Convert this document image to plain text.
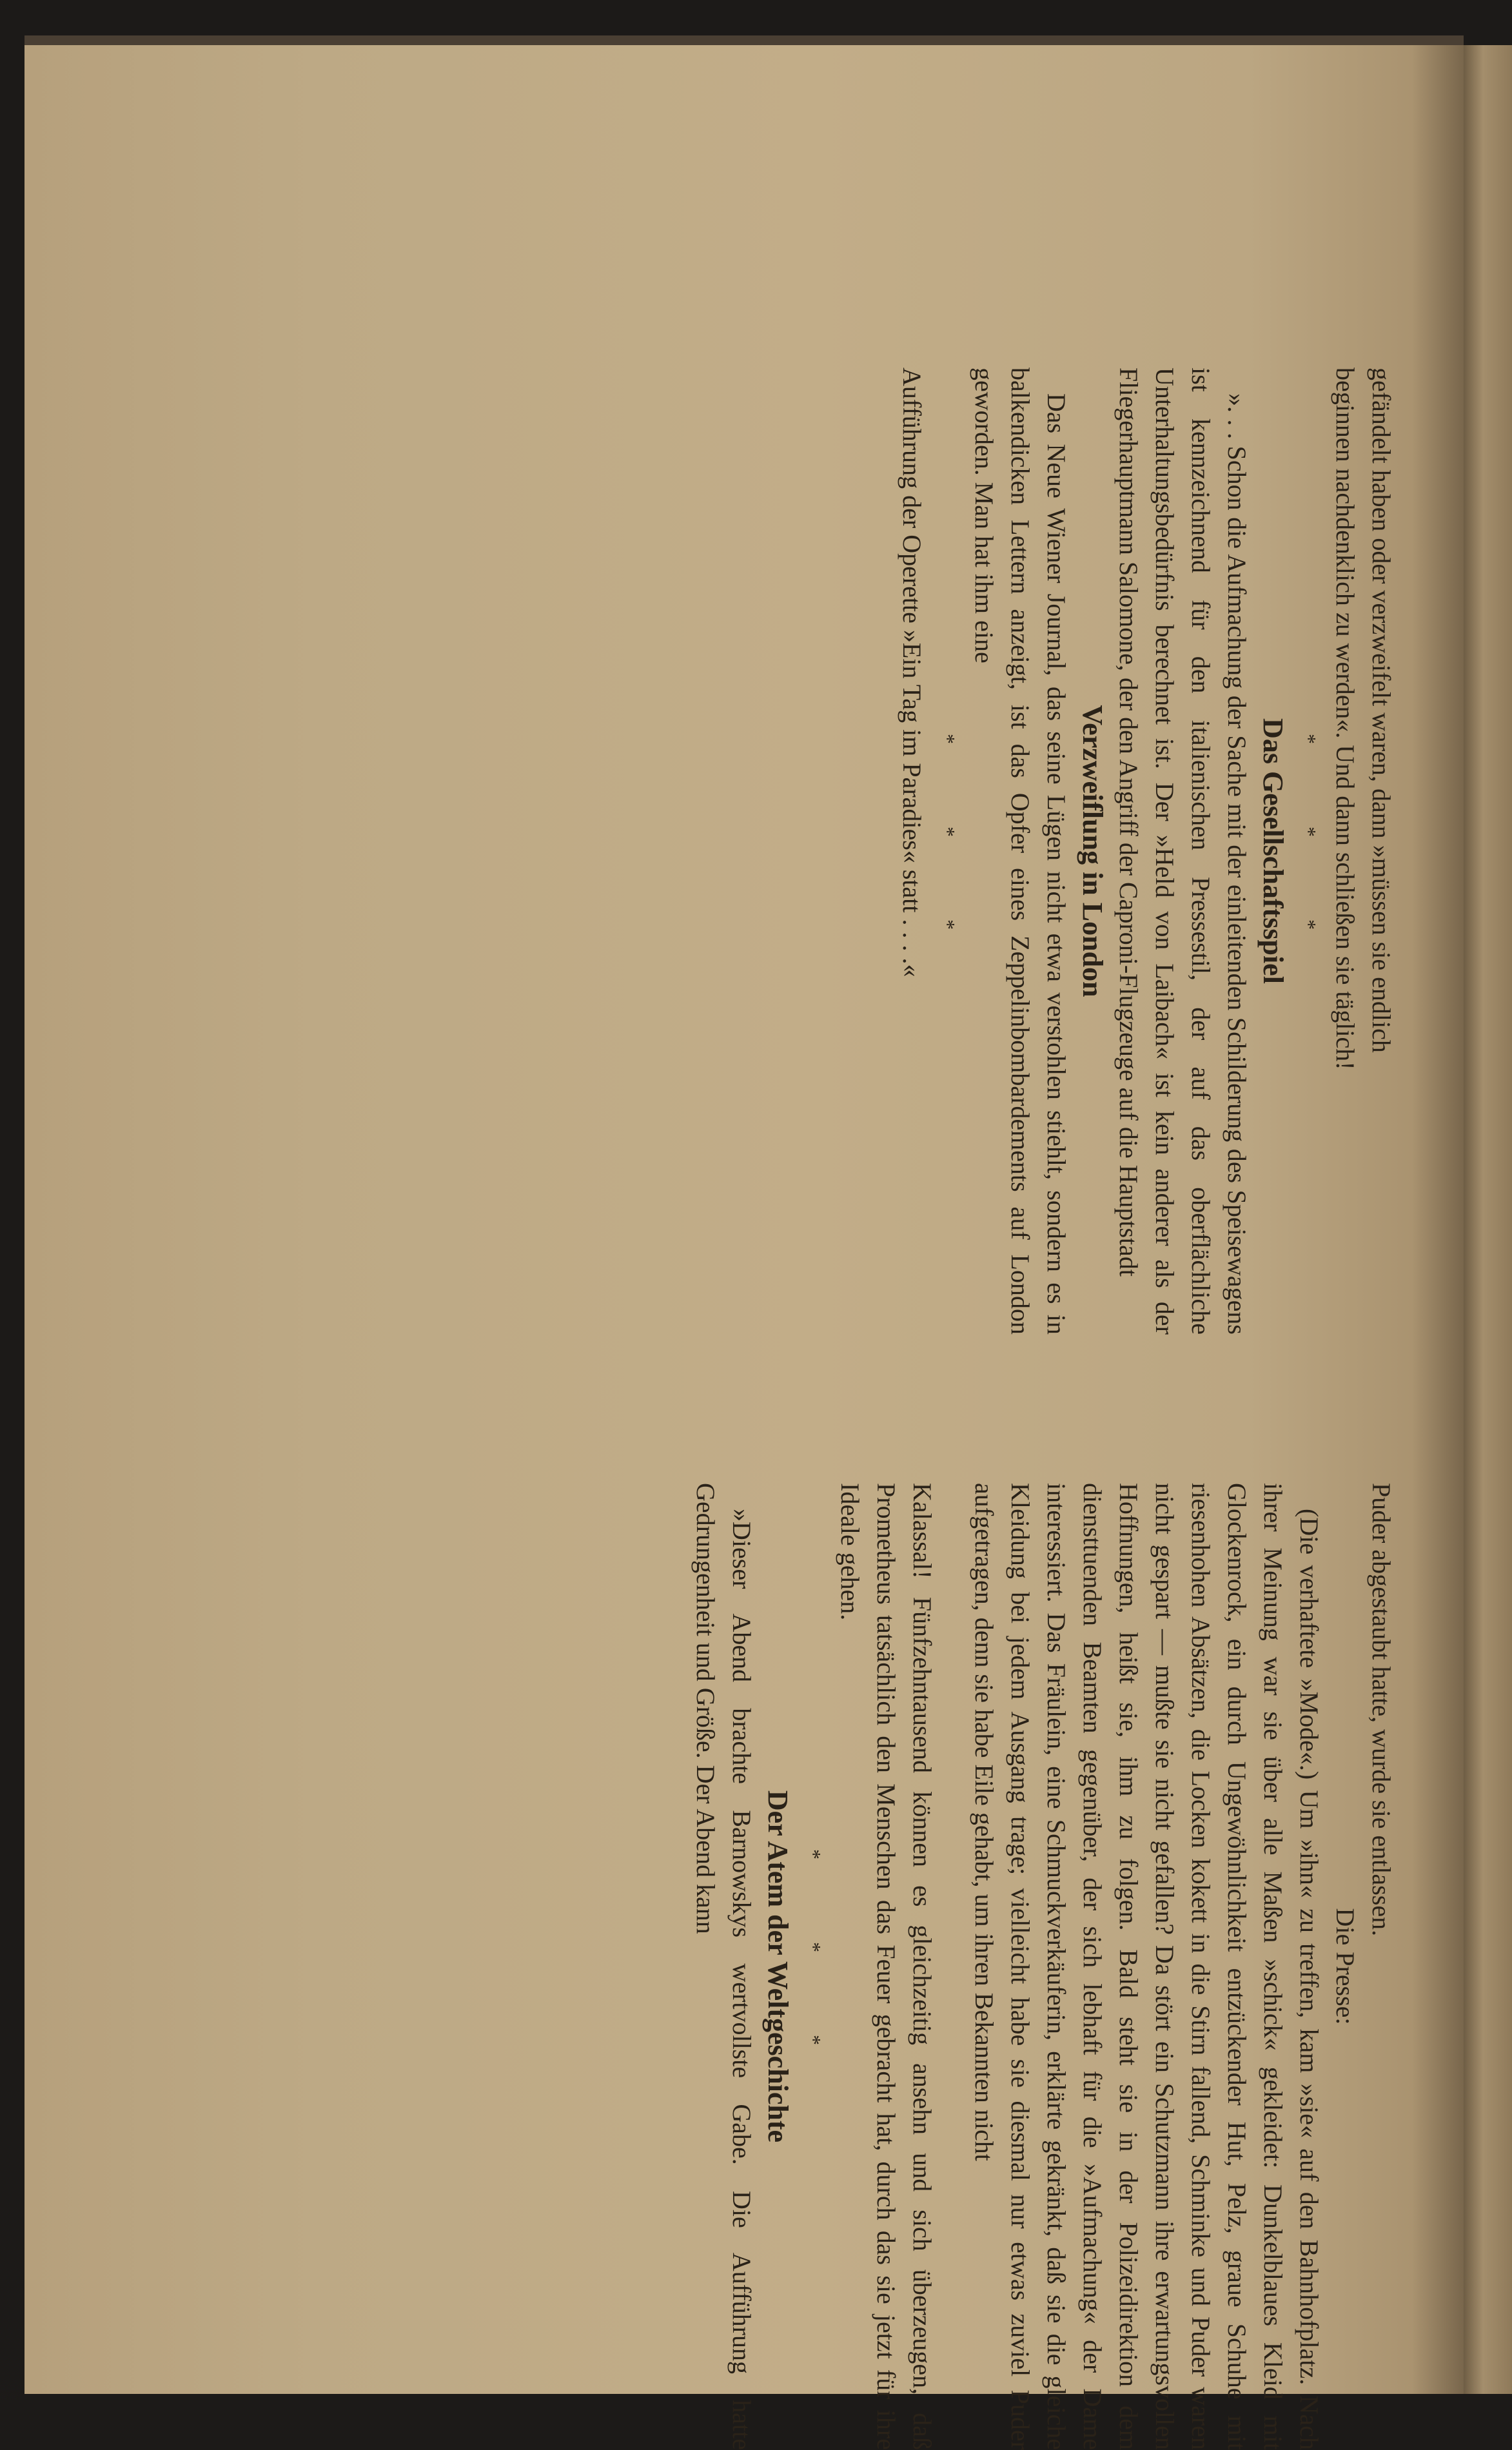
gefändelt haben oder verzweifelt waren, dann »müssen sie endlich

beginnen nachdenklich zu werden«. Und dann schließen sie täglich!

* * *

Das Gesellschaftsspiel

». . . Schon die Aufmachung der Sache mit der einleitenden Schilderung des Speisewagens ist kennzeichnend für den italienischen Pressestil, der auf das oberflächliche Unterhaltungsbedürfnis berechnet ist. Der »Held von Laibach« ist kein anderer als der Fliegerhauptmann Salomone, der den Angriff der Caproni-Flugzeuge auf die Hauptstadt

Verzweiflung in London

Das Neue Wiener Journal, das seine Lügen nicht etwa verstohlen stiehlt, sondern es in balkendicken Lettern anzeigt, ist das Opfer eines Zeppelinbombardements auf London geworden. Man hat ihm eine

* * *

Aufführung der Operette »Ein Tag im Paradies« statt . . . .«

Puder abgestaubt hatte, wurde sie entlassen.

Die Presse:

(Die verhaftete »Mode«.) Um »ihn« zu treffen, kam »sie« auf den Bahnhofplatz. Nach ihrer Meinung war sie über alle Maßen »schick« gekleidet: Dunkelblaues Kleid mit Glockenrock, ein durch Ungewöhnlichkeit entzückender Hut, Pelz, graue Schuhe mit riesenhohen Absätzen, die Locken kokett in die Stirn fallend, Schminke und Puder waren nicht gespart — mußte sie nicht gefallen? Da stört ein Schutzmann ihre erwartungsvollen Hoffnungen, heißt sie, ihm zu folgen. Bald steht sie in der Polizeidirektion dem diensttuenden Beamten gegenüber, der sich lebhaft für die »Aufmachung« der Dame interessiert. Das Fräulein, eine Schmuckverkäuferin, erklärte gekränkt, daß sie die gleiche Kleidung bei jedem Ausgang trage; vielleicht habe sie diesmal nur etwas zuviel Puder aufgetragen, denn sie habe Eile gehabt, um ihren Bekannten nicht

Kalassal! Fünfzehntausend können es gleichzeitig ansehn und sich überzeugen, daß Prometheus tatsächlich den Menschen das Feuer gebracht hat, durch das sie jetzt für ihre Ideale gehen.

* * *

Der Atem der Weltgeschichte

»Dieser Abend brachte Barnowskys wertvollste Gabe. Die Aufführung hatte Gedrungenheit und Größe. Der Abend kann
